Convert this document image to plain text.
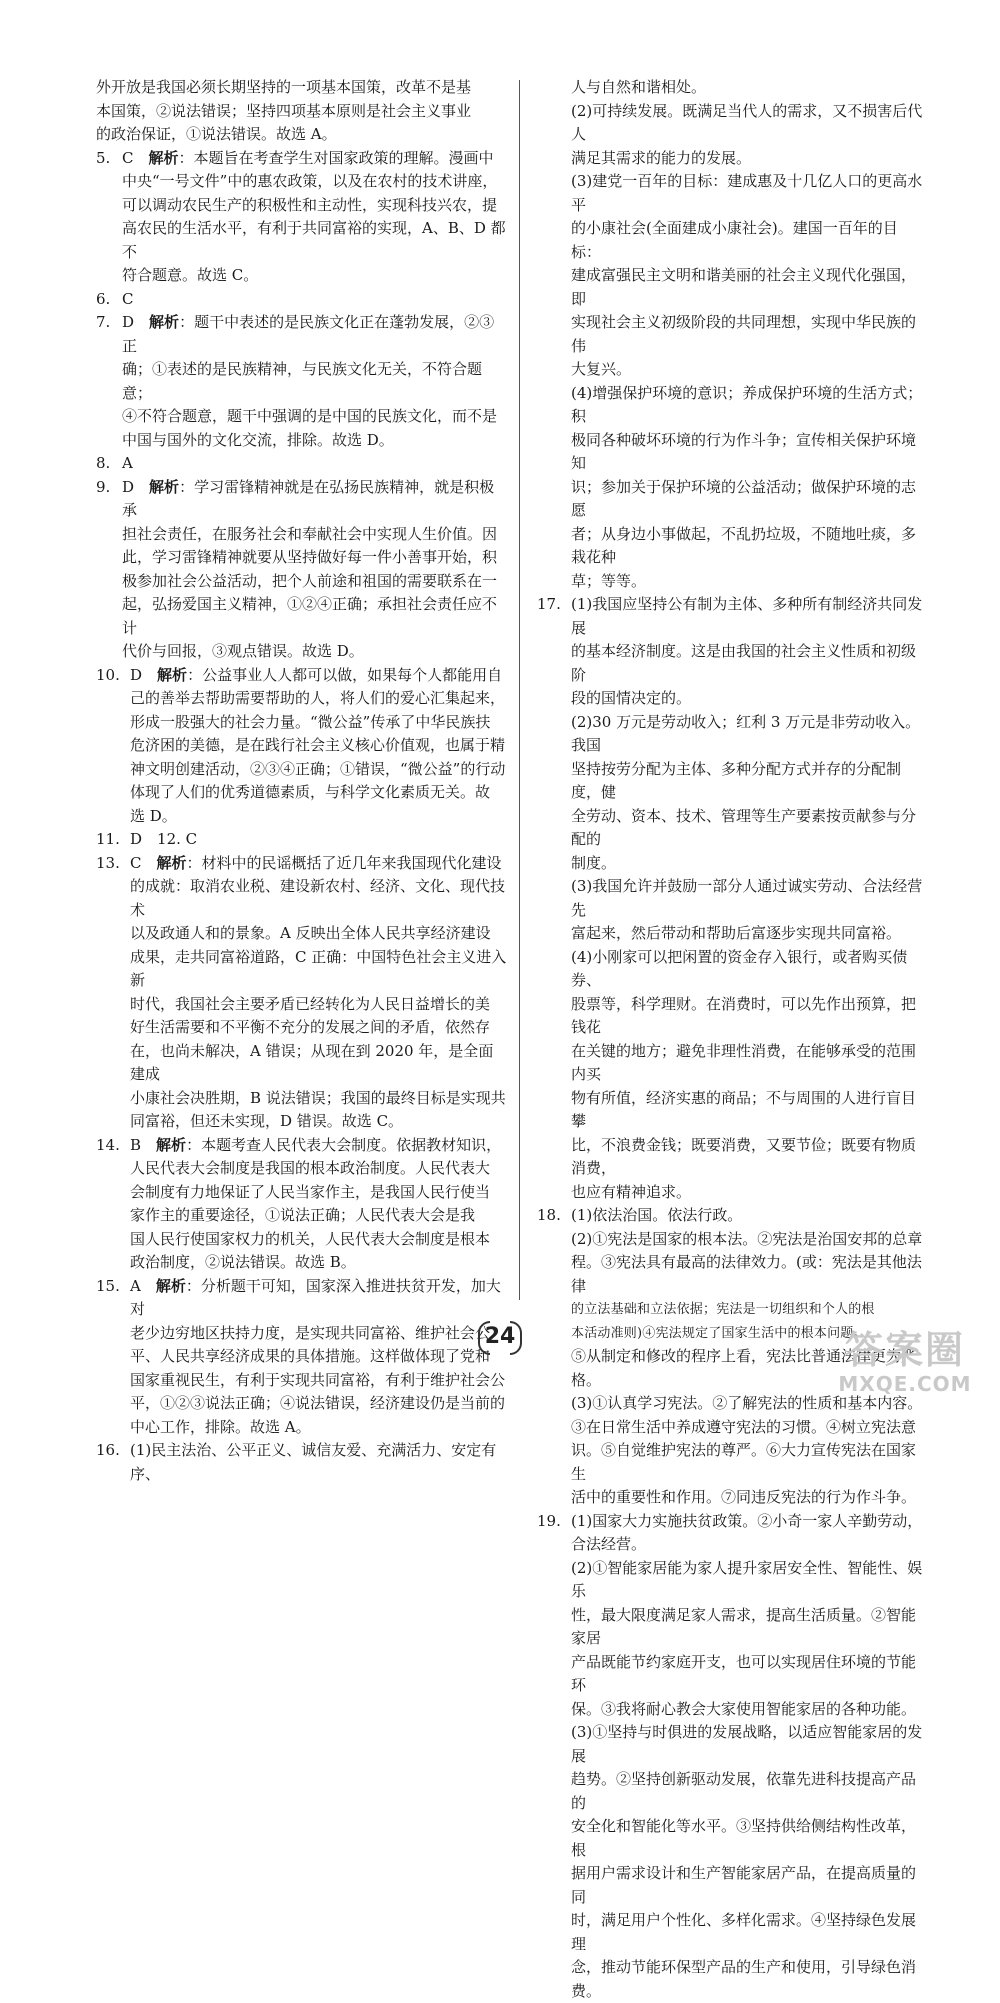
外开放是我国必须长期坚持的一项基本国策，改革不是基
本国策，②说法错误；坚持四项基本原则是社会主义事业
的政治保证，①说法错误。故选 A。
5. C　 解析：本题旨在考查学生对国家政策的理解。漫画中
中央“一号文件”中的惠农政策，以及在农村的技术讲座，
可以调动农民生产的积极性和主动性，实现科技兴农，提
高农民的生活水平，有利于共同富裕的实现，A、B、D 都不
符合题意。故选 C。
6. C
7. D　 解析：题干中表述的是民族文化正在蓬勃发展，②③正
确；①表述的是民族精神，与民族文化无关，不符合题意；
④不符合题意，题干中强调的是中国的民族文化，而不是
中国与国外的文化交流，排除。故选 D。
8. A
9. D　 解析：学习雷锋精神就是在弘扬民族精神，就是积极承
担社会责任，在服务社会和奉献社会中实现人生价值。因
此，学习雷锋精神就要从坚持做好每一件小善事开始，积
极参加社会公益活动，把个人前途和祖国的需要联系在一
起，弘扬爱国主义精神，①②④正确；承担社会责任应不计
代价与回报，③观点错误。故选 D。
10. D　 解析：公益事业人人都可以做，如果每个人都能用自
己的善举去帮助需要帮助的人，将人们的爱心汇集起来，
形成一股强大的社会力量。“微公益”传承了中华民族扶
危济困的美德，是在践行社会主义核心价值观，也属于精
神文明创建活动，②③④正确；①错误，“微公益”的行动
体现了人们的优秀道德素质，与科学文化素质无关。故
选 D。
11. D　12. C
13. C　 解析：材料中的民谣概括了近几年来我国现代化建设
的成就：取消农业税、建设新农村、经济、文化、现代技术
以及政通人和的景象。A 反映出全体人民共享经济建设
成果，走共同富裕道路，C 正确：中国特色社会主义进入新
时代，我国社会主要矛盾已经转化为人民日益增长的美
好生活需要和不平衡不充分的发展之间的矛盾，依然存
在，也尚未解决，A 错误；从现在到 2020 年，是全面建成
小康社会决胜期，B 说法错误；我国的最终目标是实现共
同富裕，但还未实现，D 错误。故选 C。
14. B　 解析：本题考查人民代表大会制度。依据教材知识，
人民代表大会制度是我国的根本政治制度。人民代表大
会制度有力地保证了人民当家作主，是我国人民行使当
家作主的重要途径，①说法正确；人民代表大会是我
国人民行使国家权力的机关，人民代表大会制度是根本
政治制度，②说法错误。故选 B。
15. A　 解析：分析题干可知，国家深入推进扶贫开发，加大对
老少边穷地区扶持力度，是实现共同富裕、维护社会公
平、人民共享经济成果的具体措施。这样做体现了党和
国家重视民生，有利于实现共同富裕，有利于维护社会公
平，①②③说法正确；④说法错误，经济建设仍是当前的
中心工作，排除。故选 A。
16. (1)民主法治、公平正义、诚信友爱、充满活力、安定有序、
人与自然和谐相处。
(2)可持续发展。既满足当代人的需求，又不损害后代人
满足其需求的能力的发展。
(3)建党一百年的目标：建成惠及十几亿人口的更高水平
的小康社会(全面建成小康社会)。建国一百年的目标：
建成富强民主文明和谐美丽的社会主义现代化强国，即
实现社会主义初级阶段的共同理想，实现中华民族的伟
大复兴。
(4)增强保护环境的意识；养成保护环境的生活方式；积
极同各种破坏环境的行为作斗争；宣传相关保护环境知
识；参加关于保护环境的公益活动；做保护环境的志愿
者；从身边小事做起，不乱扔垃圾，不随地吐痰，多栽花种
草；等等。
17. (1)我国应坚持公有制为主体、多种所有制经济共同发展
的基本经济制度。这是由我国的社会主义性质和初级阶
段的国情决定的。
(2)30 万元是劳动收入；红利 3 万元是非劳动收入。我国
坚持按劳分配为主体、多种分配方式并存的分配制度，健
全劳动、资本、技术、管理等生产要素按贡献参与分配的
制度。
(3)我国允许并鼓励一部分人通过诚实劳动、合法经营先
富起来，然后带动和帮助后富逐步实现共同富裕。
(4)小刚家可以把闲置的资金存入银行，或者购买债券、
股票等，科学理财。在消费时，可以先作出预算，把钱花
在关键的地方；避免非理性消费，在能够承受的范围内买
物有所值，经济实惠的商品；不与周围的人进行盲目攀
比，不浪费金钱；既要消费，又要节俭；既要有物质消费，
也应有精神追求。
18. (1)依法治国。依法行政。
(2)①宪法是国家的根本法。②宪法是治国安邦的总章
程。③宪法具有最高的法律效力。(或：宪法是其他法律
的立法基础和立法依据；宪法是一切组织和个人的根
本活动准则)④宪法规定了国家生活中的根本问题。
⑤从制定和修改的程序上看，宪法比普通法律更为严格。
(3)①认真学习宪法。②了解宪法的性质和基本内容。
③在日常生活中养成遵守宪法的习惯。④树立宪法意
识。⑤自觉维护宪法的尊严。⑥大力宣传宪法在国家生
活中的重要性和作用。⑦同违反宪法的行为作斗争。
19. (1)国家大力实施扶贫政策。②小奇一家人辛勤劳动，
合法经营。
(2)①智能家居能为家人提升家居安全性、智能性、娱乐
性，最大限度满足家人需求，提高生活质量。②智能家居
产品既能节约家庭开支，也可以实现居住环境的节能环
保。③我将耐心教会大家使用智能家居的各种功能。
(3)①坚持与时俱进的发展战略，以适应智能家居的发展
趋势。②坚持创新驱动发展，依靠先进科技提高产品的
安全化和智能化等水平。③坚持供给侧结构性改革，根
据用户需求设计和生产智能家居产品，在提高质量的同
时，满足用户个性化、多样化需求。④坚持绿色发展理
念，推动节能环保型产品的生产和使用，引导绿色消费。
24	答案圈
MXQE.COM
